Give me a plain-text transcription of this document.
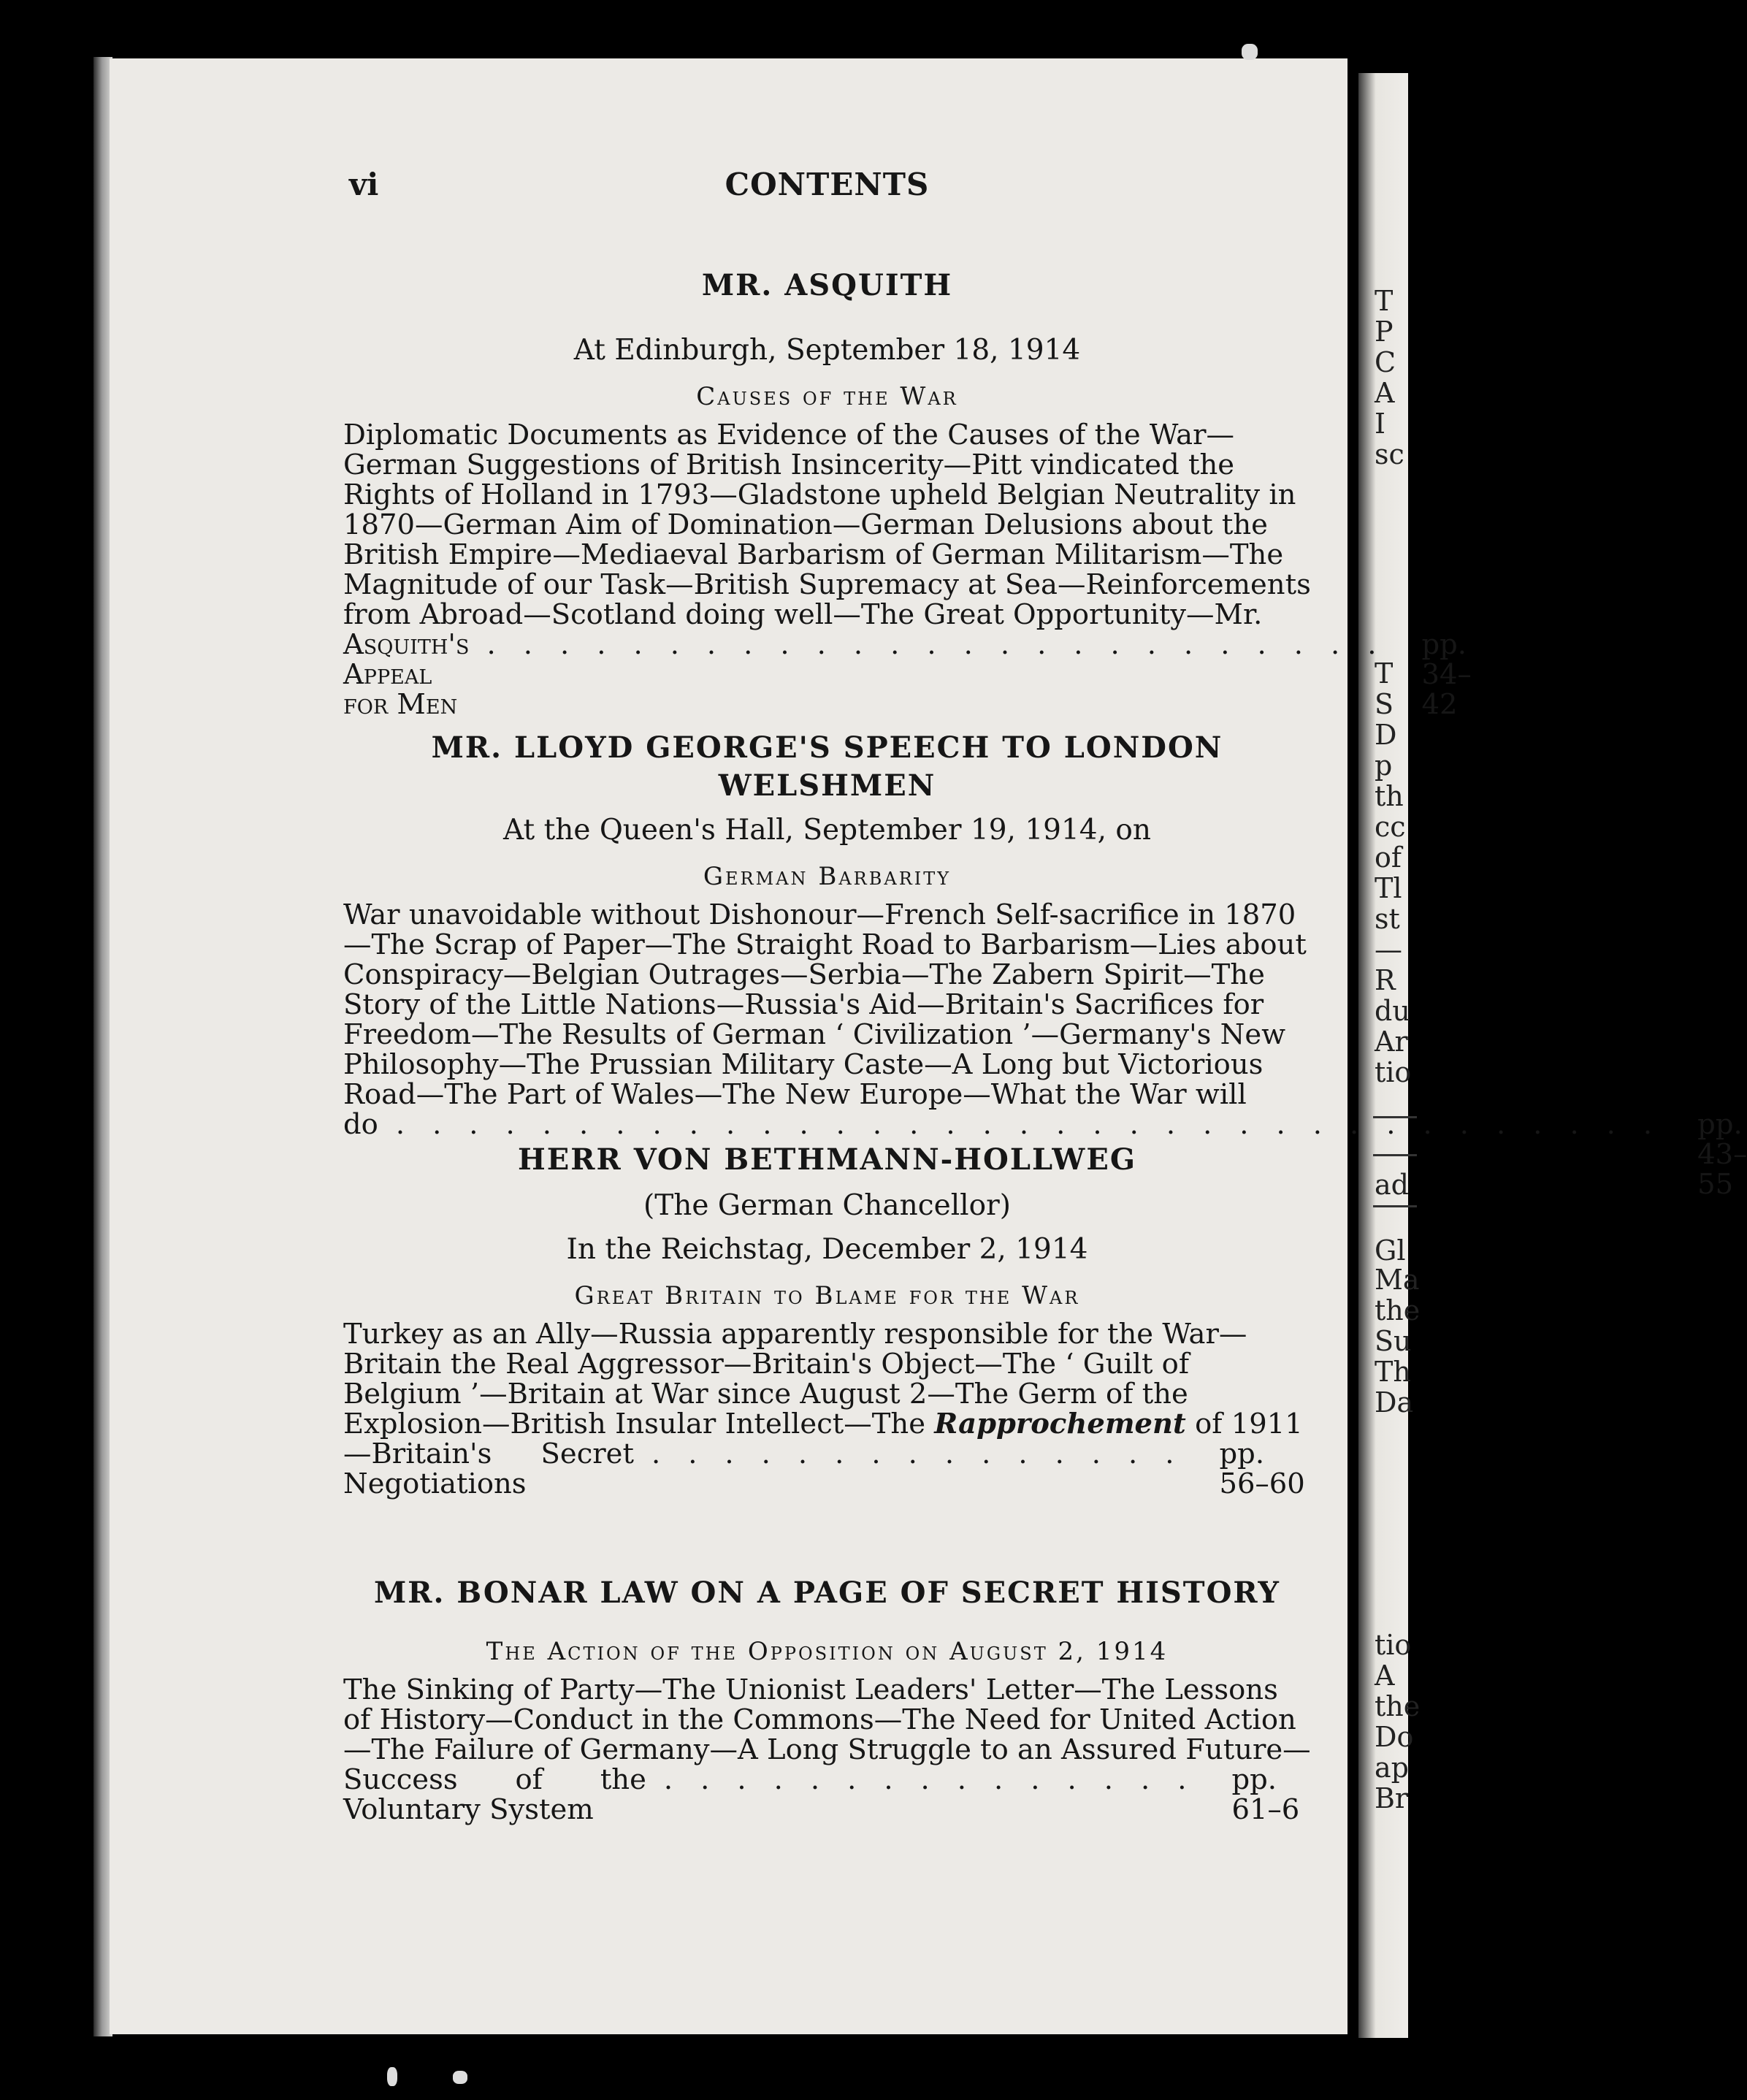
T
P
C
A
I
sc
T
S
D
p
th
cc
of
Tl
st
—
R
du
Ar
tio
ad
Gl
Ma
the
Su
Th
Da
tio
A
the
Do
ap
Br
vi	CONTENTS

MR. ASQUITH

At Edinburgh, September 18, 1914

Causes of the War

Diplomatic Documents as Evidence of the Causes of the War—
German Suggestions of British Insincerity—Pitt vindicated the
Rights of Holland in 1793—Gladstone upheld Belgian Neutrality in
1870—German Aim of Domination—German Delusions about the
British Empire—Mediaeval Barbarism of German Militarism—The
Magnitude of our Task—British Supremacy at Sea—Reinforcements
from Abroad—Scotland doing well—The Great Opportunity—Mr.
Asquith's Appeal for Men
......................... pp. 34–42

MR. LLOYD GEORGE'S SPEECH TO LONDON WELSHMEN

At the Queen's Hall, September 19, 1914, on

German Barbarity

War unavoidable without Dishonour—French Self-sacrifice in 1870
—The Scrap of Paper—The Straight Road to Barbarism—Lies about
Conspiracy—Belgian Outrages—Serbia—The Zabern Spirit—The
Story of the Little Nations—Russia's Aid—Britain's Sacrifices for
Freedom—The Results of German ‘ Civilization ’—Germany's New
Philosophy—The Prussian Military Caste—A Long but Victorious
Road—The Part of Wales—The New Europe—What the War will
do ................................... pp. 43–55

HERR VON BETHMANN-HOLLWEG

(The German Chancellor)

In the Reichstag, December 2, 1914

Great Britain to Blame for the War

Turkey as an Ally—Russia apparently responsible for the War—
Britain the Real Aggressor—Britain's Object—The ‘ Guilt of
Belgium ’—Britain at War since August 2—The Germ of the
Explosion—British Insular Intellect—The Rapprochement of 1911
—Britain's Secret Negotiations
............... pp. 56–60

MR. BONAR LAW ON A PAGE OF SECRET HISTORY

The Action of the Opposition on August 2, 1914

The Sinking of Party—The Unionist Leaders' Letter—The Lessons
of History—Conduct in the Commons—The Need for United Action
—The Failure of Germany—A Long Struggle to an Assured Future—
Success of the Voluntary System
............... pp. 61–6
